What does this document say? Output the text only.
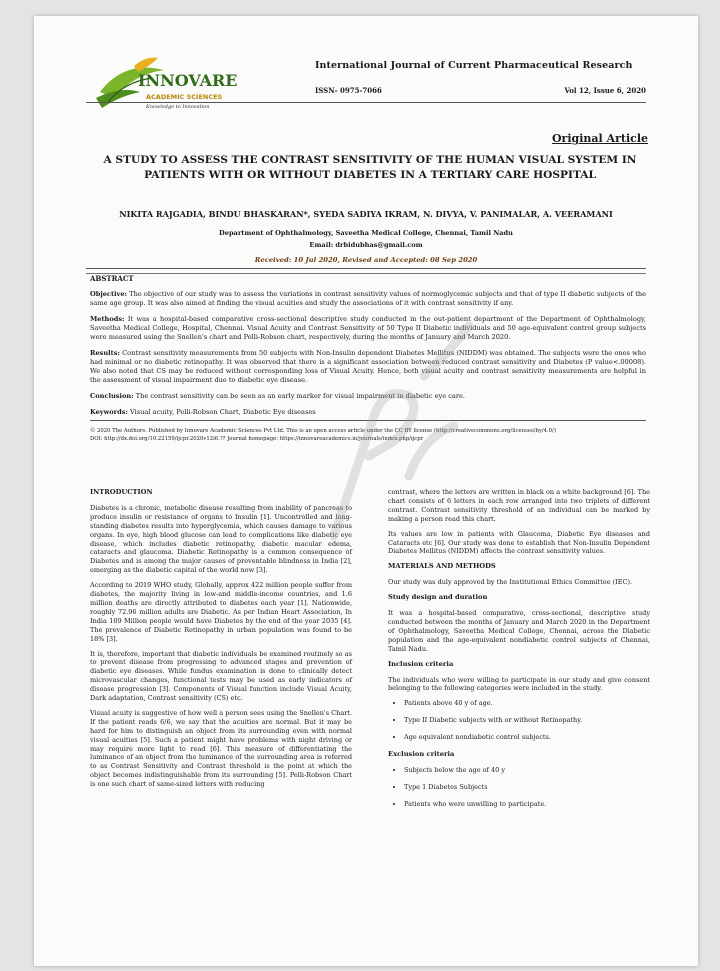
INNOVARE
ACADEMIC SCIENCES
Knowledge to Innovation
International Journal of Current Pharmaceutical Research
ISSN- 0975-7066	Vol 12, Issue 6, 2020
Original Article
A STUDY TO ASSESS THE CONTRAST SENSITIVITY OF THE HUMAN VISUAL SYSTEM IN
PATIENTS WITH OR WITHOUT DIABETES IN A TERTIARY CARE HOSPITAL
NIKITA RAJGADIA, BINDU BHASKARAN*, SYEDA SADIYA IKRAM, N. DIVYA, V. PANIMALAR, A. VEERAMANI
Department of Ophthalmology, Saveetha Medical College, Chennai, Tamil Nadu
Email: drbidubhas@gmail.com
Received: 10 Jul 2020, Revised and Accepted: 08 Sep 2020
ABSTRACT

Objective: The objective of our study was to assess the variations in contrast sensitivity values of normoglycemic subjects and that of type II diabetic subjects of the same age group. It was also aimed at finding the visual acuities and study the associations of it with contrast sensitivity if any.

Methods: It was a hospital-based comparative cross-sectional descriptive study conducted in the out-patient department of the Department of Ophthalmology, Saveetha Medical College, Hospital, Chennai. Visual Acuity and Contrast Sensitivity of 50 Type II Diabetic individuals and 50 age-equivalent control group subjects were measured using the Snellen's chart and Pelli-Robson chart, respectively, during the months of January and March 2020.

Results: Contrast sensitivity measurements from 50 subjects with Non-Insulin dependent Diabetes Mellitus (NIDDM) was obtained. The subjects were the ones who had minimal or no diabetic retinopathy. It was observed that there is a significant association between reduced contrast sensitivity and Diabetes (P value<.00008). We also noted that CS may be reduced without corresponding loss of Visual Acuity. Hence, both visual acuity and contrast sensitivity measurements are helpful in the assessment of visual impairment due to diabetic eye disease.

Conclusion: The contrast sensitivity can be seen as an early marker for visual impairment in diabetic eye care.

Keywords: Visual acuity, Pelli-Robson Chart, Diabetic Eye diseases

© 2020 The Authors. Published by Innovare Academic Sciences Pvt Ltd. This is an open access article under the CC BY license (http://creativecommons.org/licenses/by/4.0/)
DOI: http://dx.doi.org/10.22159/ijcpr.2020v12i6.?? Journal homepage: https://innovareacademics.in/journals/index.php/ijcpr
INTRODUCTION

Diabetes is a chronic, metabolic disease resulting from inability of pancreas to produce insulin or resistance of organs to Insulin [1]. Uncontrolled and long-standing diabetes results into hyperglycemia, which causes damage to various organs. In eye, high blood glucose can lead to complications like diabetic eye disease, which includes diabetic retinopathy, diabetic macular edema, cataracts and glaucoma. Diabetic Retinopathy is a common consequence of Diabetes and is among the major causes of preventable blindness in India [2], emerging as the diabetic capital of the world now [3].

According to 2019 WHO study, Globally, approx 422 million people suffer from diabetes, the majority living in low-and middle-income countries, and 1.6 million deaths are directly attributed to diabetes each year [1]. Nationwide, roughly 72.96 million adults are Diabetic. As per Indian Heart Association, In India 109 Million people would have Diabetes by the end of the year 2035 [4]. The prevalence of Diabetic Retinopathy in urban population was found to be 18% [3].

It is, therefore, important that diabetic individuals be examined routinely so as to prevent disease from progressing to advanced stages and prevention of diabetic eye diseases. While fundus examination is done to clinically detect microvascular changes, functional tests may be used as early indicators of disease progression [3]. Components of Visual function include Visual Acuity, Dark adaptation, Contrast sensitivity (CS) etc.

Visual acuity is suggestive of how well a person sees using the Snellen's Chart. If the patient reads 6/6, we say that the acuities are normal. But it may be hard for him to distinguish an object from its surrounding even with normal visual acuities [5]. Such a patient might have problems with night driving or may require more light to read [6]. This measure of differentiating the luminance of an object from the luminance of the surrounding area is referred to as Contrast Sensitivity and Contrast threshold is the point at which the object becomes indistinguishable from its surrounding [5]. Pelli-Robson Chart is one such chart of same-sized letters with reducing

contrast, where the letters are written in black on a white background [6]. The chart consists of 6 letters in each row arranged into two triplets of different contrast. Contrast sensitivity threshold of an individual can be marked by making a person read this chart.

Its values are low in patients with Glaucoma, Diabetic Eye diseases and Cataracts etc [6]. Our study was done to establish that Non-Insulin Dependent Diabetes Mellitus (NIDDM) affects the contrast sensitivity values.

MATERIALS AND METHODS

Our study was duly approved by the Institutional Ethics Committee (IEC).

Study design and duration

It was a hospital-based comparative, cross-sectional, descriptive study conducted between the months of January and March 2020 in the Department of Ophthalmology, Saveetha Medical College, Chennai, across the Diabetic population and the age-equivalent nondiabetic control subjects of Chennai, Tamil Nadu.

Inclusion criteria

The individuals who were willing to participate in our study and give consent belonging to the following categories were included in the study.

• Patients above 40 y of age.
• Type II Diabetic subjects with or without Retinopathy.
• Age equivalent nondiabetic control subjects.
Exclusion criteria
• Subjects below the age of 40 y
• Type 1 Diabetes Subjects
• Patients who were unwilling to participate.
